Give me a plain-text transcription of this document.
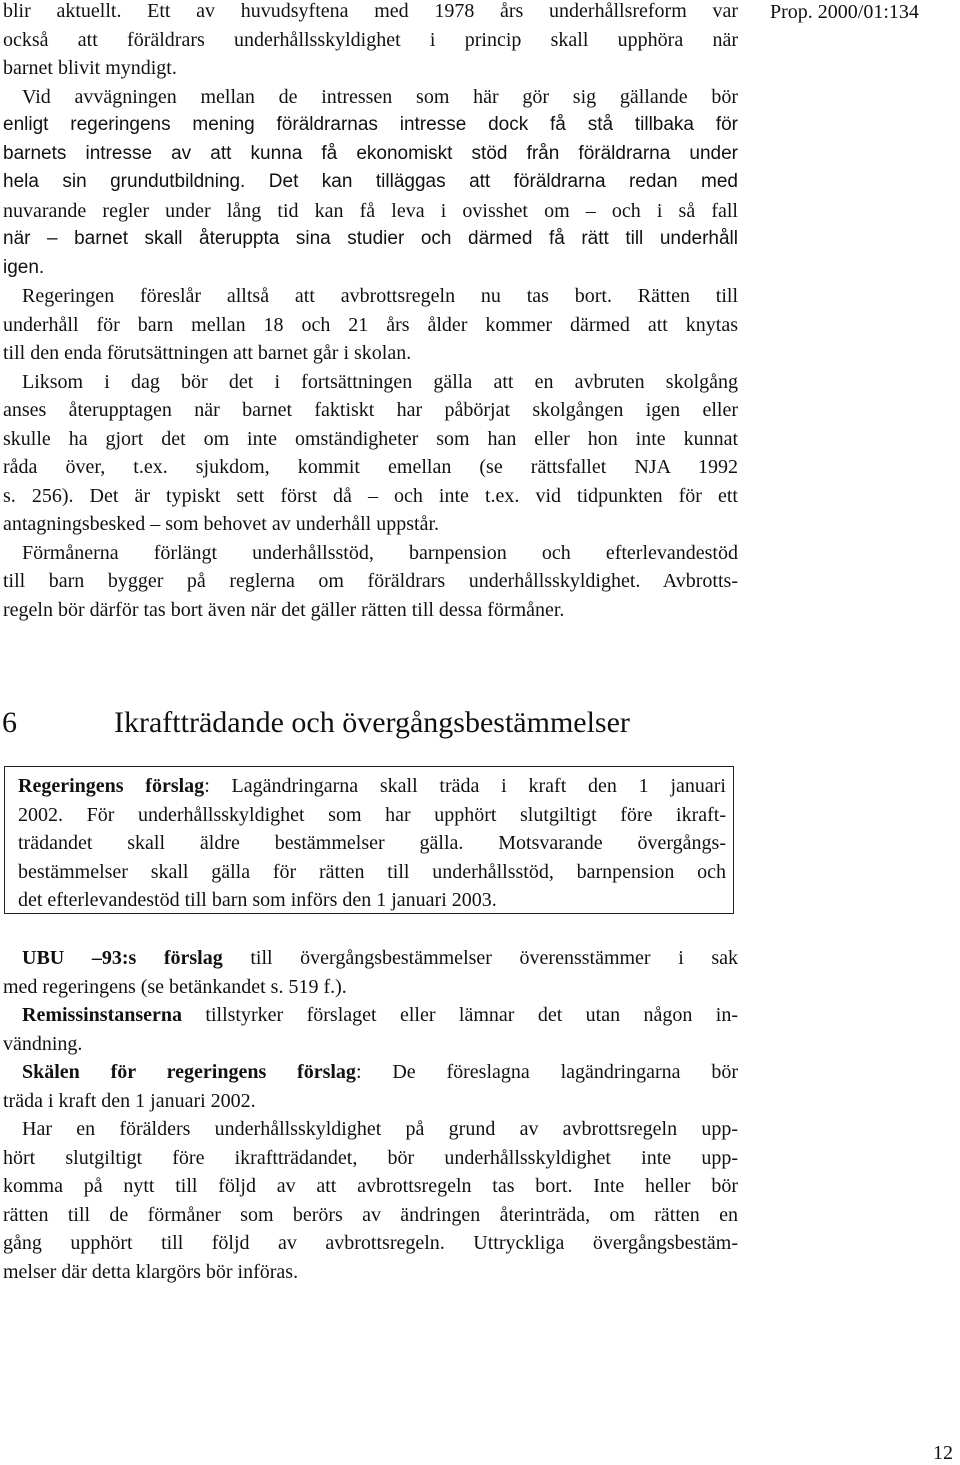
Prop. 2000/01:134
blir aktuellt. Ett av huvudsyftena med 1978 års underhållsreform var
också att föräldrars underhållsskyldighet i princip skall upphöra när
barnet blivit myndigt.
Vid avvägningen mellan de intressen som här gör sig gällande bör
enligt regeringens mening föräldrarnas intresse dock få stå tillbaka för
barnets intresse av att kunna få ekonomiskt stöd från föräldrarna under
hela sin grundutbildning. Det kan tilläggas att föräldrarna redan med
nuvarande regler under lång tid kan få leva i ovisshet om – och i så fall
när – barnet skall återuppta sina studier och därmed få rätt till underhåll
igen.
Regeringen föreslår alltså att avbrottsregeln nu tas bort. Rätten till
underhåll för barn mellan 18 och 21 års ålder kommer därmed att knytas
till den enda förutsättningen att barnet går i skolan.
Liksom i dag bör det i fortsättningen gälla att en avbruten skolgång
anses återupptagen när barnet faktiskt har påbörjat skolgången igen eller
skulle ha gjort det om inte omständigheter som han eller hon inte kunnat
råda över, t.ex. sjukdom, kommit emellan (se rättsfallet NJA 1992
s. 256). Det är typiskt sett först då – och inte t.ex. vid tidpunkten för ett
antagningsbesked – som behovet av underhåll uppstår.
Förmånerna förlängt underhållsstöd, barnpension och efterlevandestöd
till barn bygger på reglerna om föräldrars underhållsskyldighet. Avbrotts-
regeln bör därför tas bort även när det gäller rätten till dessa förmåner.
6	Ikraftträdande och övergångsbestämmelser
Regeringens förslag: Lagändringarna skall träda i kraft den 1 januari
2002. För underhållsskyldighet som har upphört slutgiltigt före ikraft-
trädandet skall äldre bestämmelser gälla. Motsvarande övergångs-
bestämmelser skall gälla för rätten till underhållsstöd, barnpension och
det efterlevandestöd till barn som införs den 1 januari 2003.
UBU –93:s förslag till övergångsbestämmelser överensstämmer i sak
med regeringens (se betänkandet s. 519 f.).
Remissinstanserna tillstyrker förslaget eller lämnar det utan någon in-
vändning.
Skälen för regeringens förslag: De föreslagna lagändringarna bör
träda i kraft den 1 januari 2002.
Har en förälders underhållsskyldighet på grund av avbrottsregeln upp-
hört slutgiltigt före ikraftträdandet, bör underhållsskyldighet inte upp-
komma på nytt till följd av att avbrottsregeln tas bort. Inte heller bör
rätten till de förmåner som berörs av ändringen återinträda, om rätten en
gång upphört till följd av avbrottsregeln. Uttryckliga övergångsbestäm-
melser där detta klargörs bör införas.
12
